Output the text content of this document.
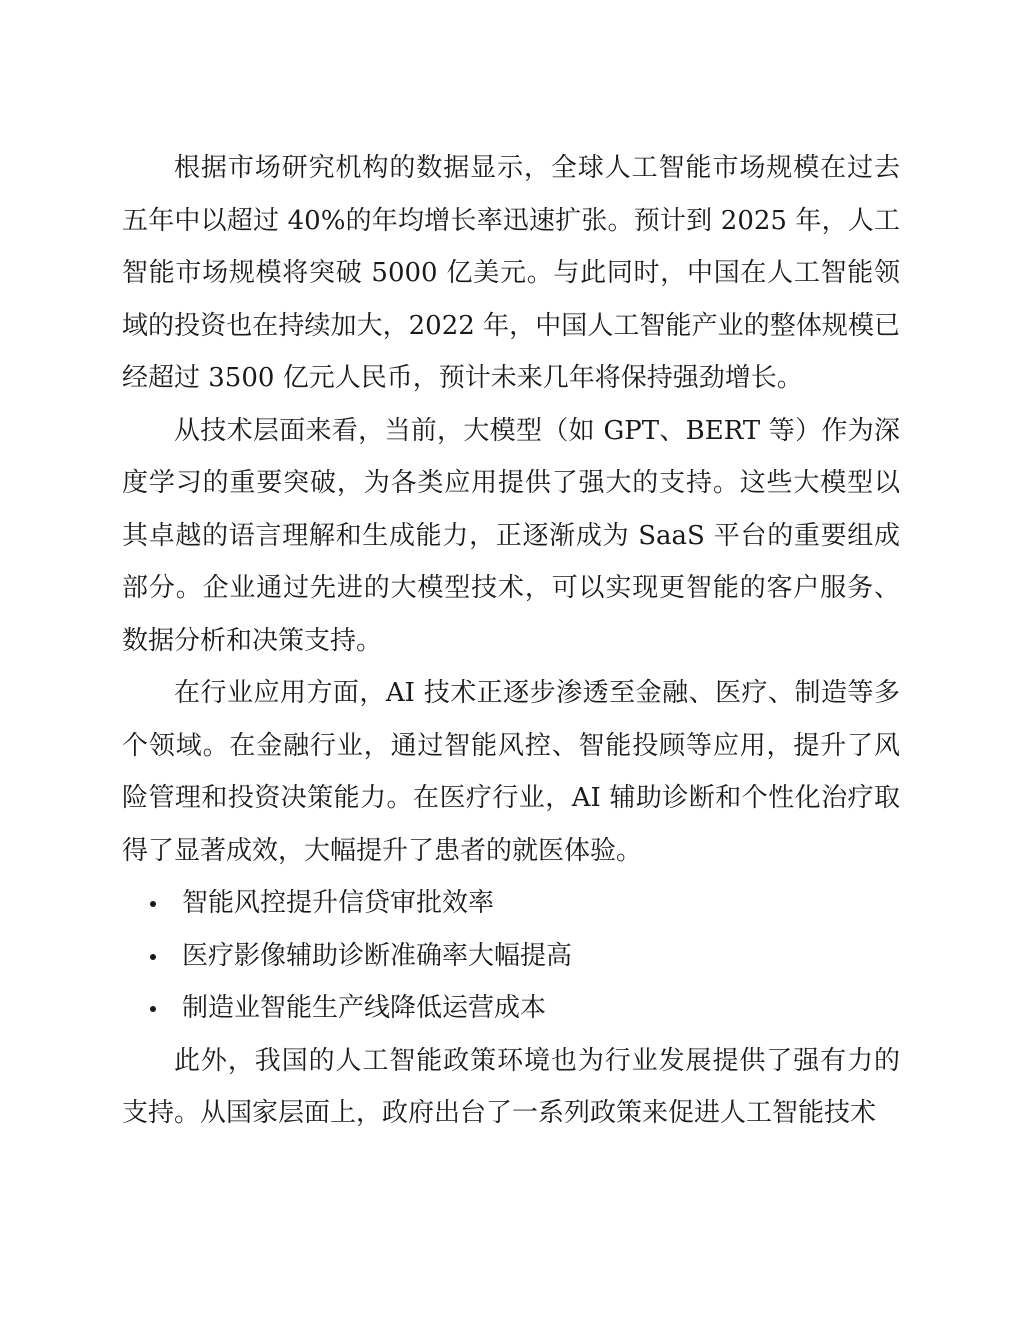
根据市场研究机构的数据显示，全球人工智能市场规模在过去五年中以超过 40%的年均增长率迅速扩张。预计到 2025 年，人工智能市场规模将突破 5000 亿美元。与此同时，中国在人工智能领域的投资也在持续加大，2022 年，中国人工智能产业的整体规模已经超过 3500 亿元人民币，预计未来几年将保持强劲增长。

从技术层面来看，当前，大模型（如 GPT、BERT 等）作为深度学习的重要突破，为各类应用提供了强大的支持。这些大模型以其卓越的语言理解和生成能力，正逐渐成为 SaaS 平台的重要组成部分。企业通过先进的大模型技术，可以实现更智能的客户服务、数据分析和决策支持。

在行业应用方面，AI 技术正逐步渗透至金融、医疗、制造等多个领域。在金融行业，通过智能风控、智能投顾等应用，提升了风险管理和投资决策能力。在医疗行业，AI 辅助诊断和个性化治疗取得了显著成效，大幅提升了患者的就医体验。

智能风控提升信贷审批效率
医疗影像辅助诊断准确率大幅提高
制造业智能生产线降低运营成本

此外，我国的人工智能政策环境也为行业发展提供了强有力的支持。从国家层面上，政府出台了一系列政策来促进人工智能技术
